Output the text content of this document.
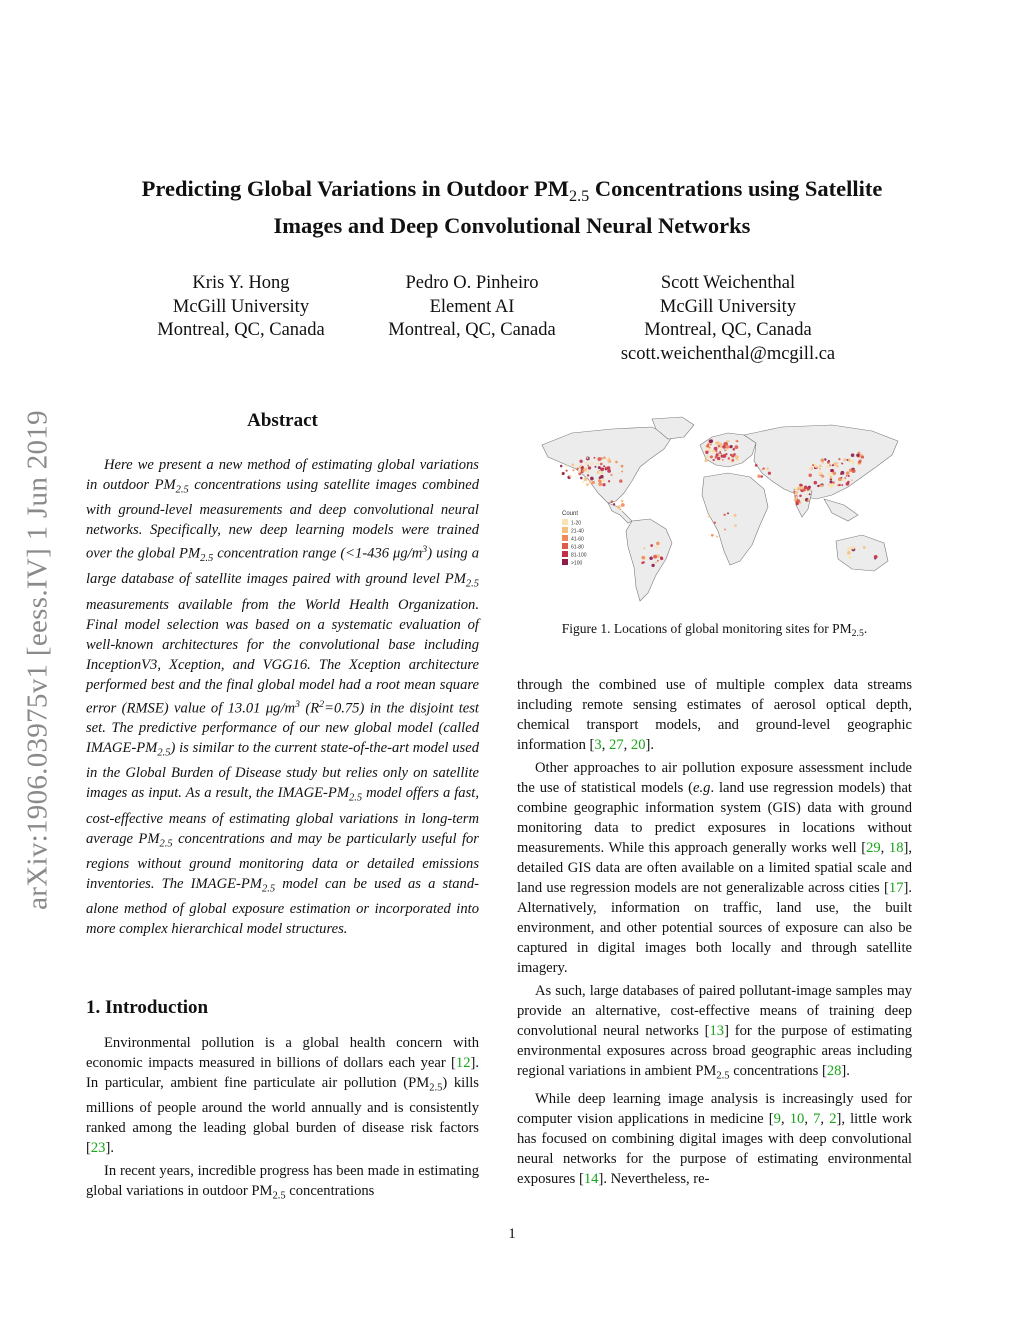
arXiv:1906.03975v1 [eess.IV] 1 Jun 2019
Predicting Global Variations in Outdoor $PM_{2.5}$ Concentrations using Satellite
Images and Deep Convolutional Neural Networks
Kris Y. Hong
McGill University
Montreal, QC, Canada
Pedro O. Pinheiro
Element AI
Montreal, QC, Canada
Scott Weichenthal
McGill University
Montreal, QC, Canada
scott.weichenthal@mcgill.ca
Abstract

Here we present a new method of estimating global variations in outdoor $PM_{2.5}$ concentrations using satellite images combined with ground-level measurements and deep convolutional neural networks. Specifically, new deep learning models were trained over the global $PM_{2.5}$ concentration range (<1-436 $\mu g/m^3$) using a large database of satellite images paired with ground level $PM_{2.5}$ measurements available from the World Health Organization. Final model selection was based on a systematic evaluation of well-known architectures for the convolutional base including InceptionV3, Xception, and VGG16. The Xception architecture performed best and the final global model had a root mean square error (RMSE) value of 13.01 $\mu g/m^3$ $(R^2=0.75)$ in the disjoint test set. The predictive performance of our new global model (called IMAGE-$PM_{2.5}$) is similar to the current state-of-the-art model used in the Global Burden of Disease study but relies only on satellite images as input. As a result, the IMAGE-$PM_{2.5}$ model offers a fast, cost-effective means of estimating global variations in long-term average $PM_{2.5}$ concentrations and may be particularly useful for regions without ground monitoring data or detailed emissions inventories. The IMAGE-$PM_{2.5}$ model can be used as a stand-alone method of global exposure estimation or incorporated into more complex hierarchical model structures.

1. Introduction

Environmental pollution is a global health concern with economic impacts measured in billions of dollars each year [12]. In particular, ambient fine particulate air pollution $(PM_{2.5})$ kills millions of people around the world annually and is consistently ranked among the leading global burden of disease risk factors [23].

In recent years, incredible progress has been made in estimating global variations in outdoor $PM_{2.5}$ concentrations

Count
1-20
21-40
41-60
61-80
81-100
>100
Figure 1. Locations of global monitoring sites for $PM_{2.5}$.

through the combined use of multiple complex data streams including remote sensing estimates of aerosol optical depth, chemical transport models, and ground-level geographic information [3, 27, 20].

Other approaches to air pollution exposure assessment include the use of statistical models (e.g. land use regression models) that combine geographic information system (GIS) data with ground monitoring data to predict exposures in locations without measurements. While this approach generally works well [29, 18], detailed GIS data are often available on a limited spatial scale and land use regression models are not generalizable across cities [17]. Alternatively, information on traffic, land use, the built environment, and other potential sources of exposure can also be captured in digital images both locally and through satellite imagery.

As such, large databases of paired pollutant-image samples may provide an alternative, cost-effective means of training deep convolutional neural networks [13] for the purpose of estimating environmental exposures across broad geographic areas including regional variations in ambient $PM_{2.5}$ concentrations [28].

While deep learning image analysis is increasingly used for computer vision applications in medicine [9, 10, 7, 2], little work has focused on combining digital images with deep convolutional neural networks for the purpose of estimating environmental exposures [14]. Nevertheless, re-

1
